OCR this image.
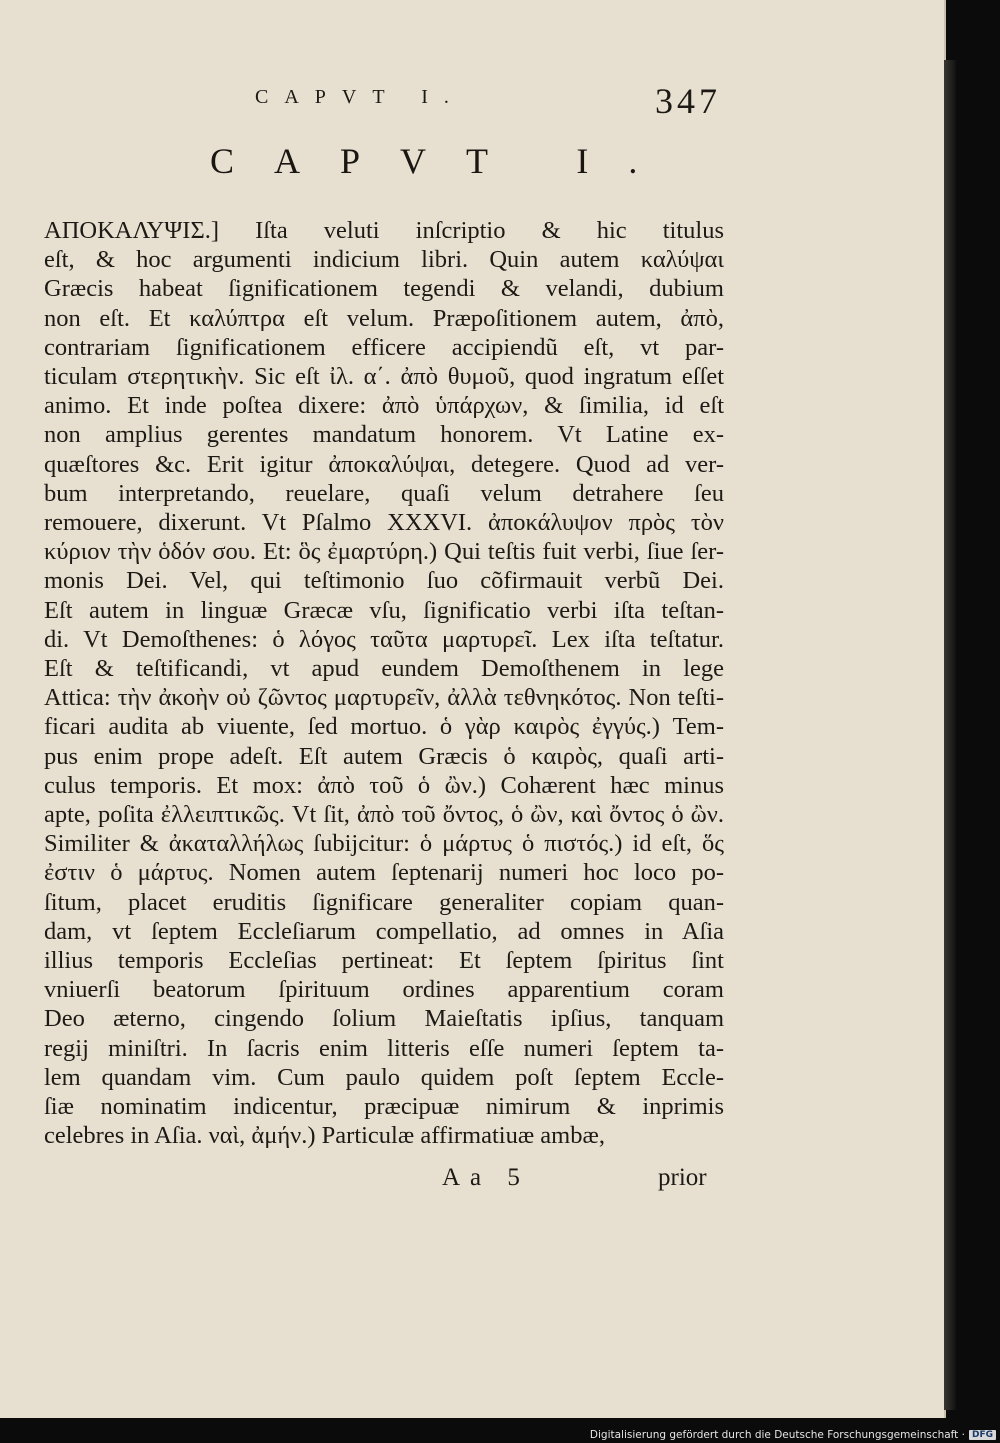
CAPVT I.	347
CAPVT I.
ΑΠΟΚΑΛΥΨΙΣ.] Iſta veluti inſcriptio & hic titulus
eſt, & hoc argumenti indicium libri. Quin autem καλύψαι
Græcis habeat ſignificationem tegendi & velandi, dubium
non eſt. Et καλύπτρα eſt velum. Præpoſitionem autem, ἀπὸ,
contrariam ſignificationem efficere accipiendũ eſt, vt par-
ticulam στερητικὴν. Sic eſt ἰλ. α΄. ἀπὸ θυμοῦ, quod ingratum eſſet
animo. Et inde poſtea dixere: ἀπὸ ὑπάρχων, & ſimilia, id eſt
non amplius gerentes mandatum honorem. Vt Latine ex-
quæſtores &c. Erit igitur ἀποκαλύψαι, detegere. Quod ad ver-
bum interpretando, reuelare, quaſi velum detrahere ſeu
remouere, dixerunt. Vt Pſalmo XXXVI. ἀποκάλυψον πρὸς τὸν
κύριον τὴν ὁδόν σου. Et: ὃς ἐμαρτύρη.) Qui teſtis fuit verbi, ſiue ſer-
monis Dei. Vel, qui teſtimonio ſuo cõfirmauit verbũ Dei.
Eſt autem in linguæ Græcæ vſu, ſignificatio verbi iſta teſtan-
di. Vt Demoſthenes: ὁ λόγος ταῦτα μαρτυρεῖ. Lex iſta teſtatur.
Eſt & teſtificandi, vt apud eundem Demoſthenem in lege
Attica: τὴν ἀκοὴν οὐ ζῶντος μαρτυρεῖν, ἀλλὰ τεθνηκότος. Non teſti-
ficari audita ab viuente, ſed mortuo. ὁ γὰρ καιρὸς ἐγγύς.) Tem-
pus enim prope adeſt. Eſt autem Græcis ὁ καιρὸς, quaſi arti-
culus temporis. Et mox: ἀπὸ τοῦ ὁ ὢν.) Cohærent hæc minus
apte, poſita ἐλλειπτικῶς. Vt ſit, ἀπὸ τοῦ ὄντος, ὁ ὢν, καὶ ὄντος ὁ ὢν.
Similiter & ἀκαταλλήλως ſubijcitur: ὁ μάρτυς ὁ πιστός.) id eſt, ὅς
ἐστιν ὁ μάρτυς. Nomen autem ſeptenarij numeri hoc loco po-
ſitum, placet eruditis ſignificare generaliter copiam quan-
dam, vt ſeptem Eccleſiarum compellatio, ad omnes in Aſia
illius temporis Eccleſias pertineat: Et ſeptem ſpiritus ſint
vniuerſi beatorum ſpirituum ordines apparentium coram
Deo æterno, cingendo ſolium Maieſtatis ipſius, tanquam
regij miniſtri. In ſacris enim litteris eſſe numeri ſeptem ta-
lem quandam vim. Cum paulo quidem poſt ſeptem Eccle-
ſiæ nominatim indicentur, præcipuæ nimirum & inprimis
celebres in Aſia. ναὶ, ἀμήν.) Particulæ affirmatiuæ ambæ,
Aa 5	prior
Digitalisierung gefördert durch die Deutsche Forschungsgemeinschaft · DFG
